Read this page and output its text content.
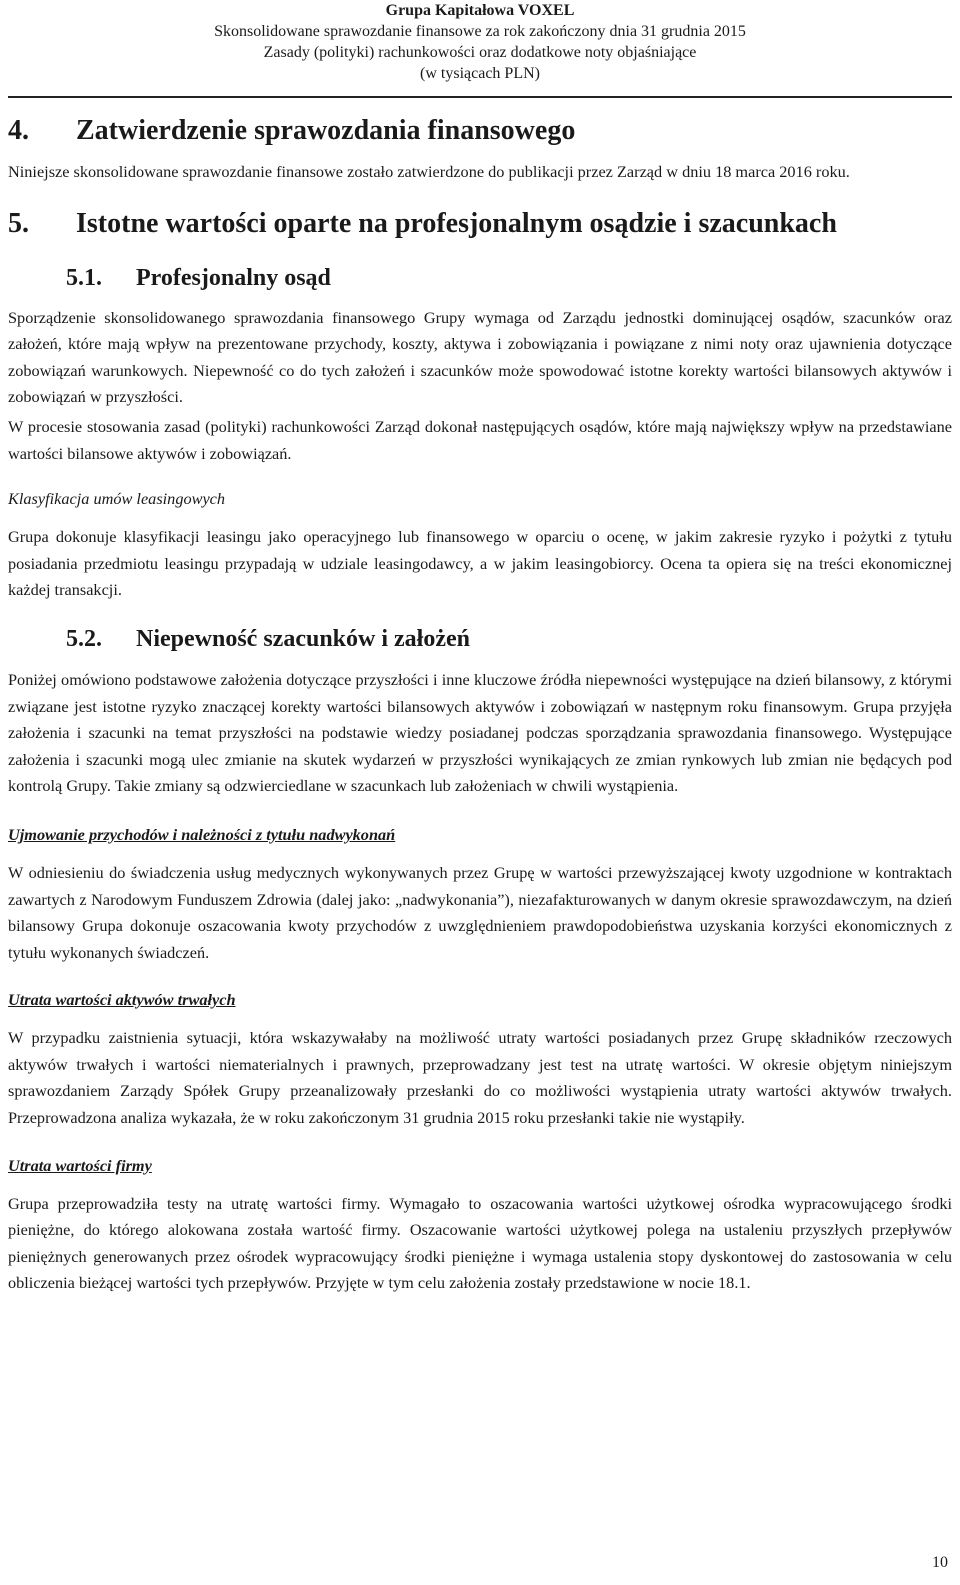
Grupa Kapitałowa VOXEL
Skonsolidowane sprawozdanie finansowe za rok zakończony dnia 31 grudnia 2015
Zasady (polityki) rachunkowości oraz dodatkowe noty objaśniające
(w tysiącach PLN)
4.	Zatwierdzenie sprawozdania finansowego

Niniejsze skonsolidowane sprawozdanie finansowe zostało zatwierdzone do publikacji przez Zarząd w dniu 18 marca 2016 roku.

5.	Istotne wartości oparte na profesjonalnym osądzie i szacunkach
5.1.	Profesjonalny osąd

Sporządzenie skonsolidowanego sprawozdania finansowego Grupy wymaga od Zarządu jednostki dominującej osądów, szacunków oraz założeń, które mają wpływ na prezentowane przychody, koszty, aktywa i zobowiązania i powiązane z nimi noty oraz ujawnienia dotyczące zobowiązań warunkowych. Niepewność co do tych założeń i szacunków może spowodować istotne korekty wartości bilansowych aktywów i zobowiązań w przyszłości.

W procesie stosowania zasad (polityki) rachunkowości Zarząd dokonał następujących osądów, które mają największy wpływ na przedstawiane wartości bilansowe aktywów i zobowiązań.

Klasyfikacja umów leasingowych

Grupa dokonuje klasyfikacji leasingu jako operacyjnego lub finansowego w oparciu o ocenę, w jakim zakresie ryzyko i pożytki z tytułu posiadania przedmiotu leasingu przypadają w udziale leasingodawcy, a w jakim leasingobiorcy. Ocena ta opiera się na treści ekonomicznej każdej transakcji.

5.2.	Niepewność szacunków i założeń

Poniżej omówiono podstawowe założenia dotyczące przyszłości i inne kluczowe źródła niepewności występujące na dzień bilansowy, z którymi związane jest istotne ryzyko znaczącej korekty wartości bilansowych aktywów i zobowiązań w następnym roku finansowym. Grupa przyjęła założenia i szacunki na temat przyszłości na podstawie wiedzy posiadanej podczas sporządzania sprawozdania finansowego. Występujące założenia i szacunki mogą ulec zmianie na skutek wydarzeń w przyszłości wynikających ze zmian rynkowych lub zmian nie będących pod kontrolą Grupy. Takie zmiany są odzwierciedlane w szacunkach lub założeniach w chwili wystąpienia.

Ujmowanie przychodów i należności z tytułu nadwykonań

W odniesieniu do świadczenia usług medycznych wykonywanych przez Grupę w wartości przewyższającej kwoty uzgodnione w kontraktach zawartych z Narodowym Funduszem Zdrowia (dalej jako: „nadwykonania”), niezafakturowanych w danym okresie sprawozdawczym, na dzień bilansowy Grupa dokonuje oszacowania kwoty przychodów z uwzględnieniem prawdopodobieństwa uzyskania korzyści ekonomicznych z tytułu wykonanych świadczeń.

Utrata wartości aktywów trwałych

W przypadku zaistnienia sytuacji, która wskazywałaby na możliwość utraty wartości posiadanych przez Grupę składników rzeczowych aktywów trwałych i wartości niematerialnych i prawnych, przeprowadzany jest test na utratę wartości. W okresie objętym niniejszym sprawozdaniem Zarządy Spółek Grupy przeanalizowały przesłanki do co możliwości wystąpienia utraty wartości aktywów trwałych. Przeprowadzona analiza wykazała, że w roku zakończonym 31 grudnia 2015 roku przesłanki takie nie wystąpiły.

Utrata wartości firmy

Grupa przeprowadziła testy na utratę wartości firmy. Wymagało to oszacowania wartości użytkowej ośrodka wypracowującego środki pieniężne, do którego alokowana została wartość firmy. Oszacowanie wartości użytkowej polega na ustaleniu przyszłych przepływów pieniężnych generowanych przez ośrodek wypracowujący środki pieniężne i wymaga ustalenia stopy dyskontowej do zastosowania w celu obliczenia bieżącej wartości tych przepływów. Przyjęte w tym celu założenia zostały przedstawione w nocie 18.1.

10
